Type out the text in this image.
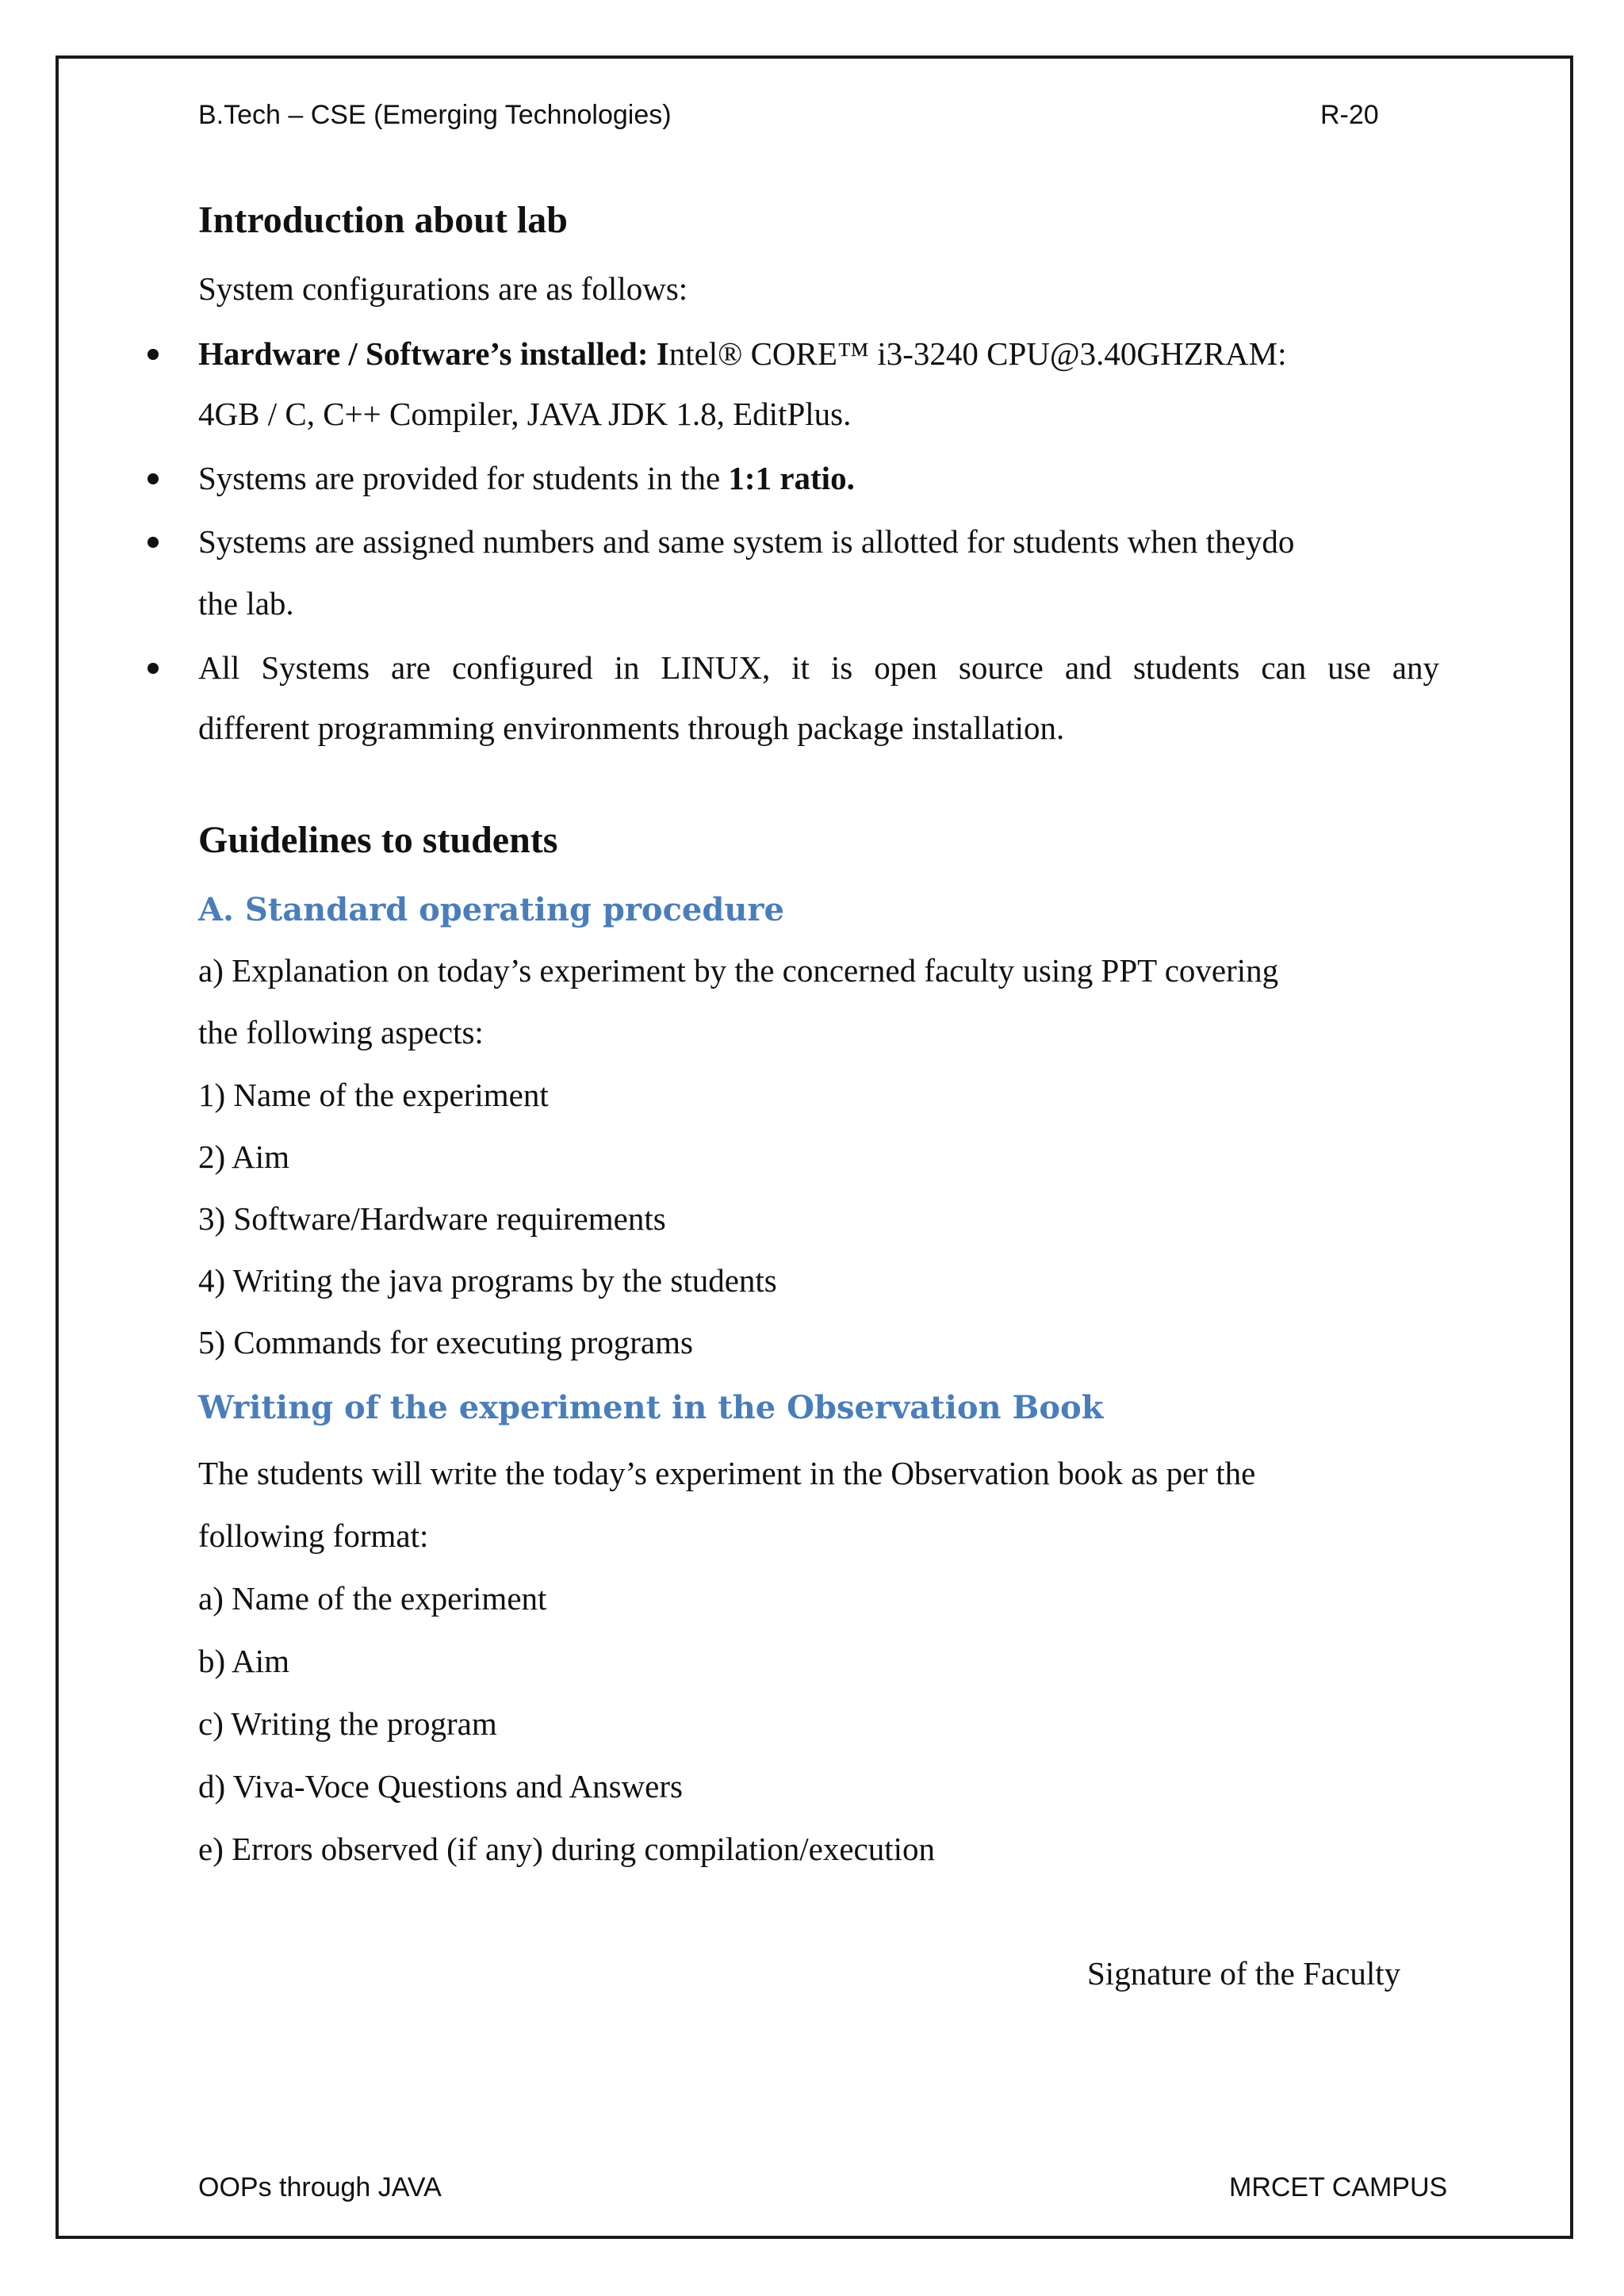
B.Tech – CSE (Emerging Technologies)	R-20
Introduction about lab
System configurations are as follows:
Hardware / Software’s installed: Intel® CORE™ i3-3240 CPU@3.40GHZRAM:
4GB / C, C++ Compiler, JAVA JDK 1.8, EditPlus.
Systems are provided for students in the 1:1 ratio.
Systems are assigned numbers and same system is allotted for students when theydo
the lab.
All Systems are configured in LINUX, it is open source and students can use any
different programming environments through package installation.
Guidelines to students
A. Standard operating procedure
a) Explanation on today’s experiment by the concerned faculty using PPT covering
the following aspects:
1) Name of the experiment
2) Aim
3) Software/Hardware requirements
4) Writing the java programs by the students
5) Commands for executing programs
Writing of the experiment in the Observation Book
The students will write the today’s experiment in the Observation book as per the
following format:
a) Name of the experiment
b) Aim
c) Writing the program
d) Viva-Voce Questions and Answers
e) Errors observed (if any) during compilation/execution
Signature of the Faculty
OOPs through JAVA	MRCET CAMPUS
